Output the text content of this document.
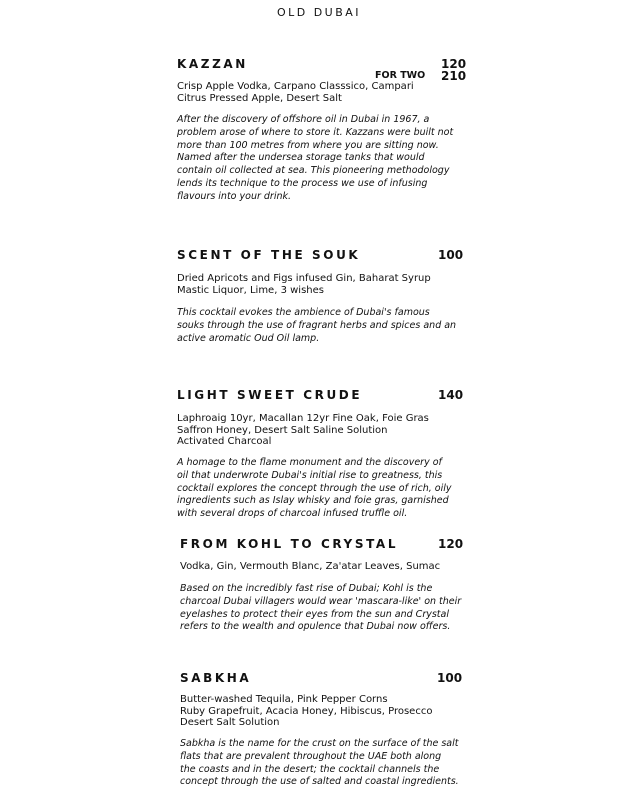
OLD DUBAI
KAZZAN	120
FOR TWO 210
Crisp Apple Vodka, Carpano Classsico, Campari
Citrus Pressed Apple, Desert Salt
After the discovery of offshore oil in Dubai in 1967, a
problem arose of where to store it. Kazzans were built not
more than 100 metres from where you are sitting now.
Named after the undersea storage tanks that would
contain oil collected at sea. This pioneering methodology
lends its technique to the process we use of infusing
flavours into your drink.
SCENT OF THE SOUK	100
Dried Apricots and Figs infused Gin, Baharat Syrup
Mastic Liquor, Lime, 3 wishes
This cocktail evokes the ambience of Dubai's famous
souks through the use of fragrant herbs and spices and an
active aromatic Oud Oil lamp.
LIGHT SWEET CRUDE	140
Laphroaig 10yr, Macallan 12yr Fine Oak, Foie Gras
Saffron Honey, Desert Salt Saline Solution
Activated Charcoal
A homage to the flame monument and the discovery of
oil that underwrote Dubai's initial rise to greatness, this
cocktail explores the concept through the use of rich, oily
ingredients such as Islay whisky and foie gras, garnished
with several drops of charcoal infused truffle oil.
FROM KOHL TO CRYSTAL	120
Vodka, Gin, Vermouth Blanc, Za'atar Leaves, Sumac
Based on the incredibly fast rise of Dubai; Kohl is the
charcoal Dubai villagers would wear 'mascara-like' on their
eyelashes to protect their eyes from the sun and Crystal
refers to the wealth and opulence that Dubai now offers.
SABKHA	100
Butter-washed Tequila, Pink Pepper Corns
Ruby Grapefruit, Acacia Honey, Hibiscus, Prosecco
Desert Salt Solution
Sabkha is the name for the crust on the surface of the salt
flats that are prevalent throughout the UAE both along
the coasts and in the desert; the cocktail channels the
concept through the use of salted and coastal ingredients.
